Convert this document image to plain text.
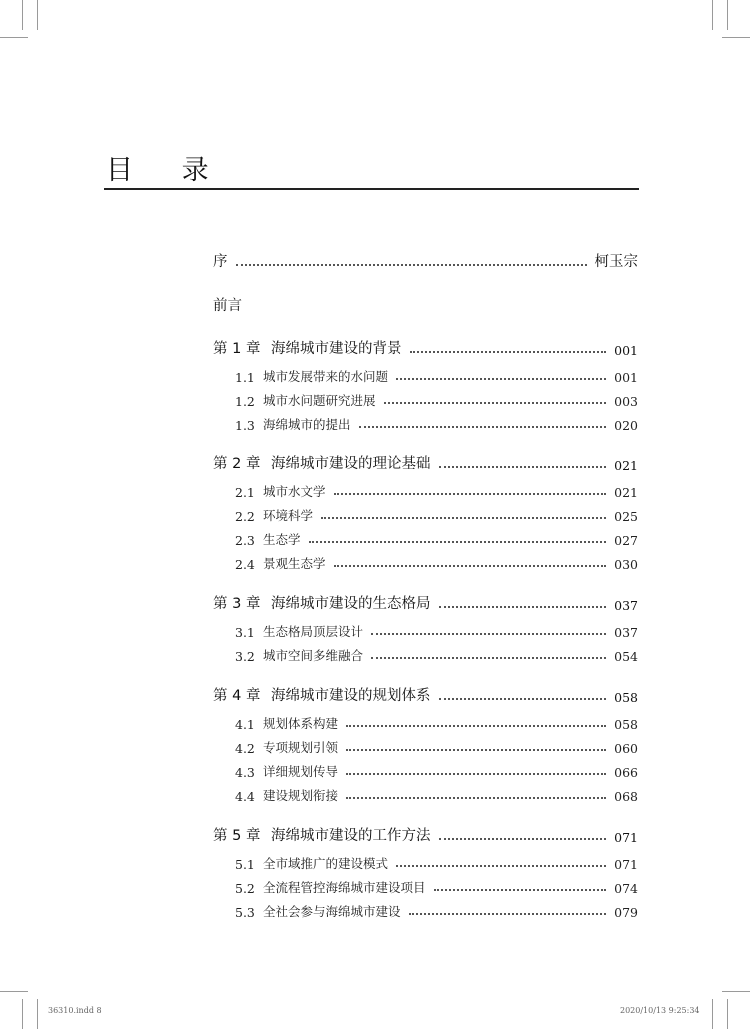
目 录
序	柯玉宗
前言
第 1 章 海绵城市建设的背景	001
1.1 城市发展带来的水问题	001
1.2 城市水问题研究进展	003
1.3 海绵城市的提出	020
第 2 章 海绵城市建设的理论基础	021
2.1 城市水文学	021
2.2 环境科学	025
2.3 生态学	027
2.4 景观生态学	030
第 3 章 海绵城市建设的生态格局	037
3.1 生态格局顶层设计	037
3.2 城市空间多维融合	054
第 4 章 海绵城市建设的规划体系	058
4.1 规划体系构建	058
4.2 专项规划引领	060
4.3 详细规划传导	066
4.4 建设规划衔接	068
第 5 章 海绵城市建设的工作方法	071
5.1 全市域推广的建设模式	071
5.2 全流程管控海绵城市建设项目	074
5.3 全社会参与海绵城市建设	079
36310.indd 8	2020/10/13 9:25:34
